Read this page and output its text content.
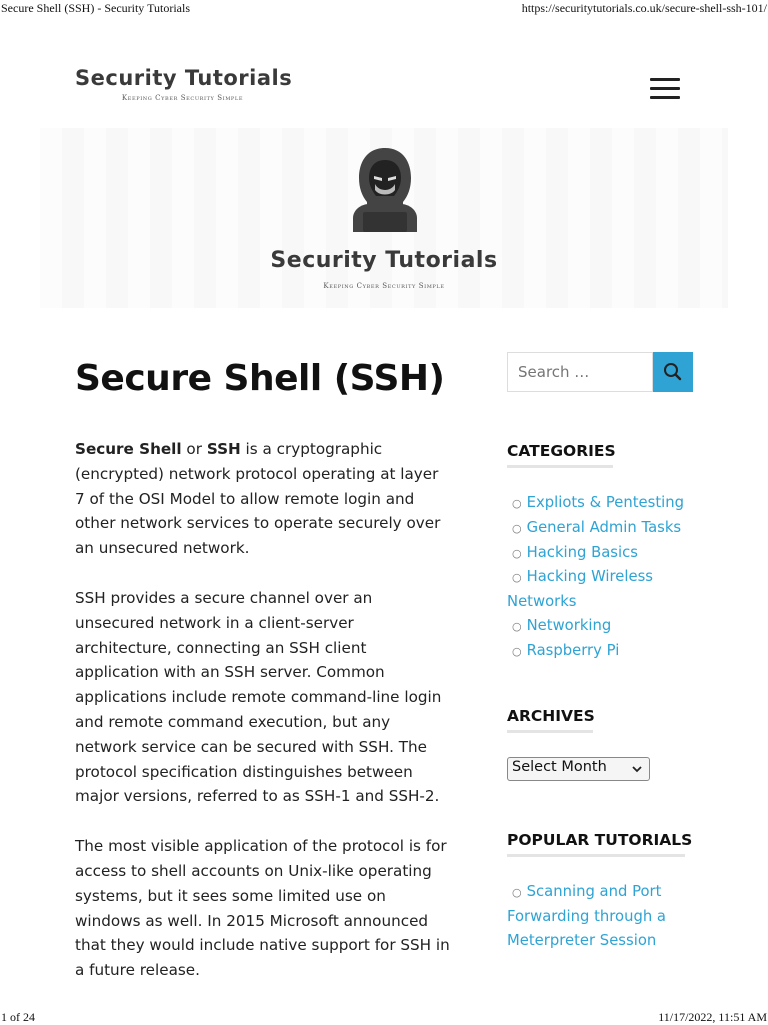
Secure Shell (SSH) - Security Tutorials	https://securitytutorials.co.uk/secure-shell-ssh-101/
Security Tutorials
Keeping Cyber Security Simple
Security Tutorials
Keeping Cyber Security Simple
Secure Shell (SSH)

Secure Shell or SSH is a cryptographic (encrypted) network protocol operating at layer 7 of the OSI Model to allow remote login and other network services to operate securely over an unsecured network.

SSH provides a secure channel over an unsecured network in a client-server architecture, connecting an SSH client application with an SSH server. Common applications include remote command-line login and remote command execution, but any network service can be secured with SSH. The protocol specification distinguishes between major versions, referred to as SSH-1 and SSH-2.

The most visible application of the protocol is for access to shell accounts on Unix-like operating systems, but it sees some limited use on windows as well. In 2015 Microsoft announced that they would include native support for SSH in a future release.

Search …
CATEGORIES
○ Expliots & Pentesting
○ General Admin Tasks
○ Hacking Basics
○ Hacking Wireless Networks
○ Networking
○ Raspberry Pi
ARCHIVES
Select Month
POPULAR TUTORIALS
○ Scanning and Port Forwarding through a Meterpreter Session
1 of 24	11/17/2022, 11:51 AM
